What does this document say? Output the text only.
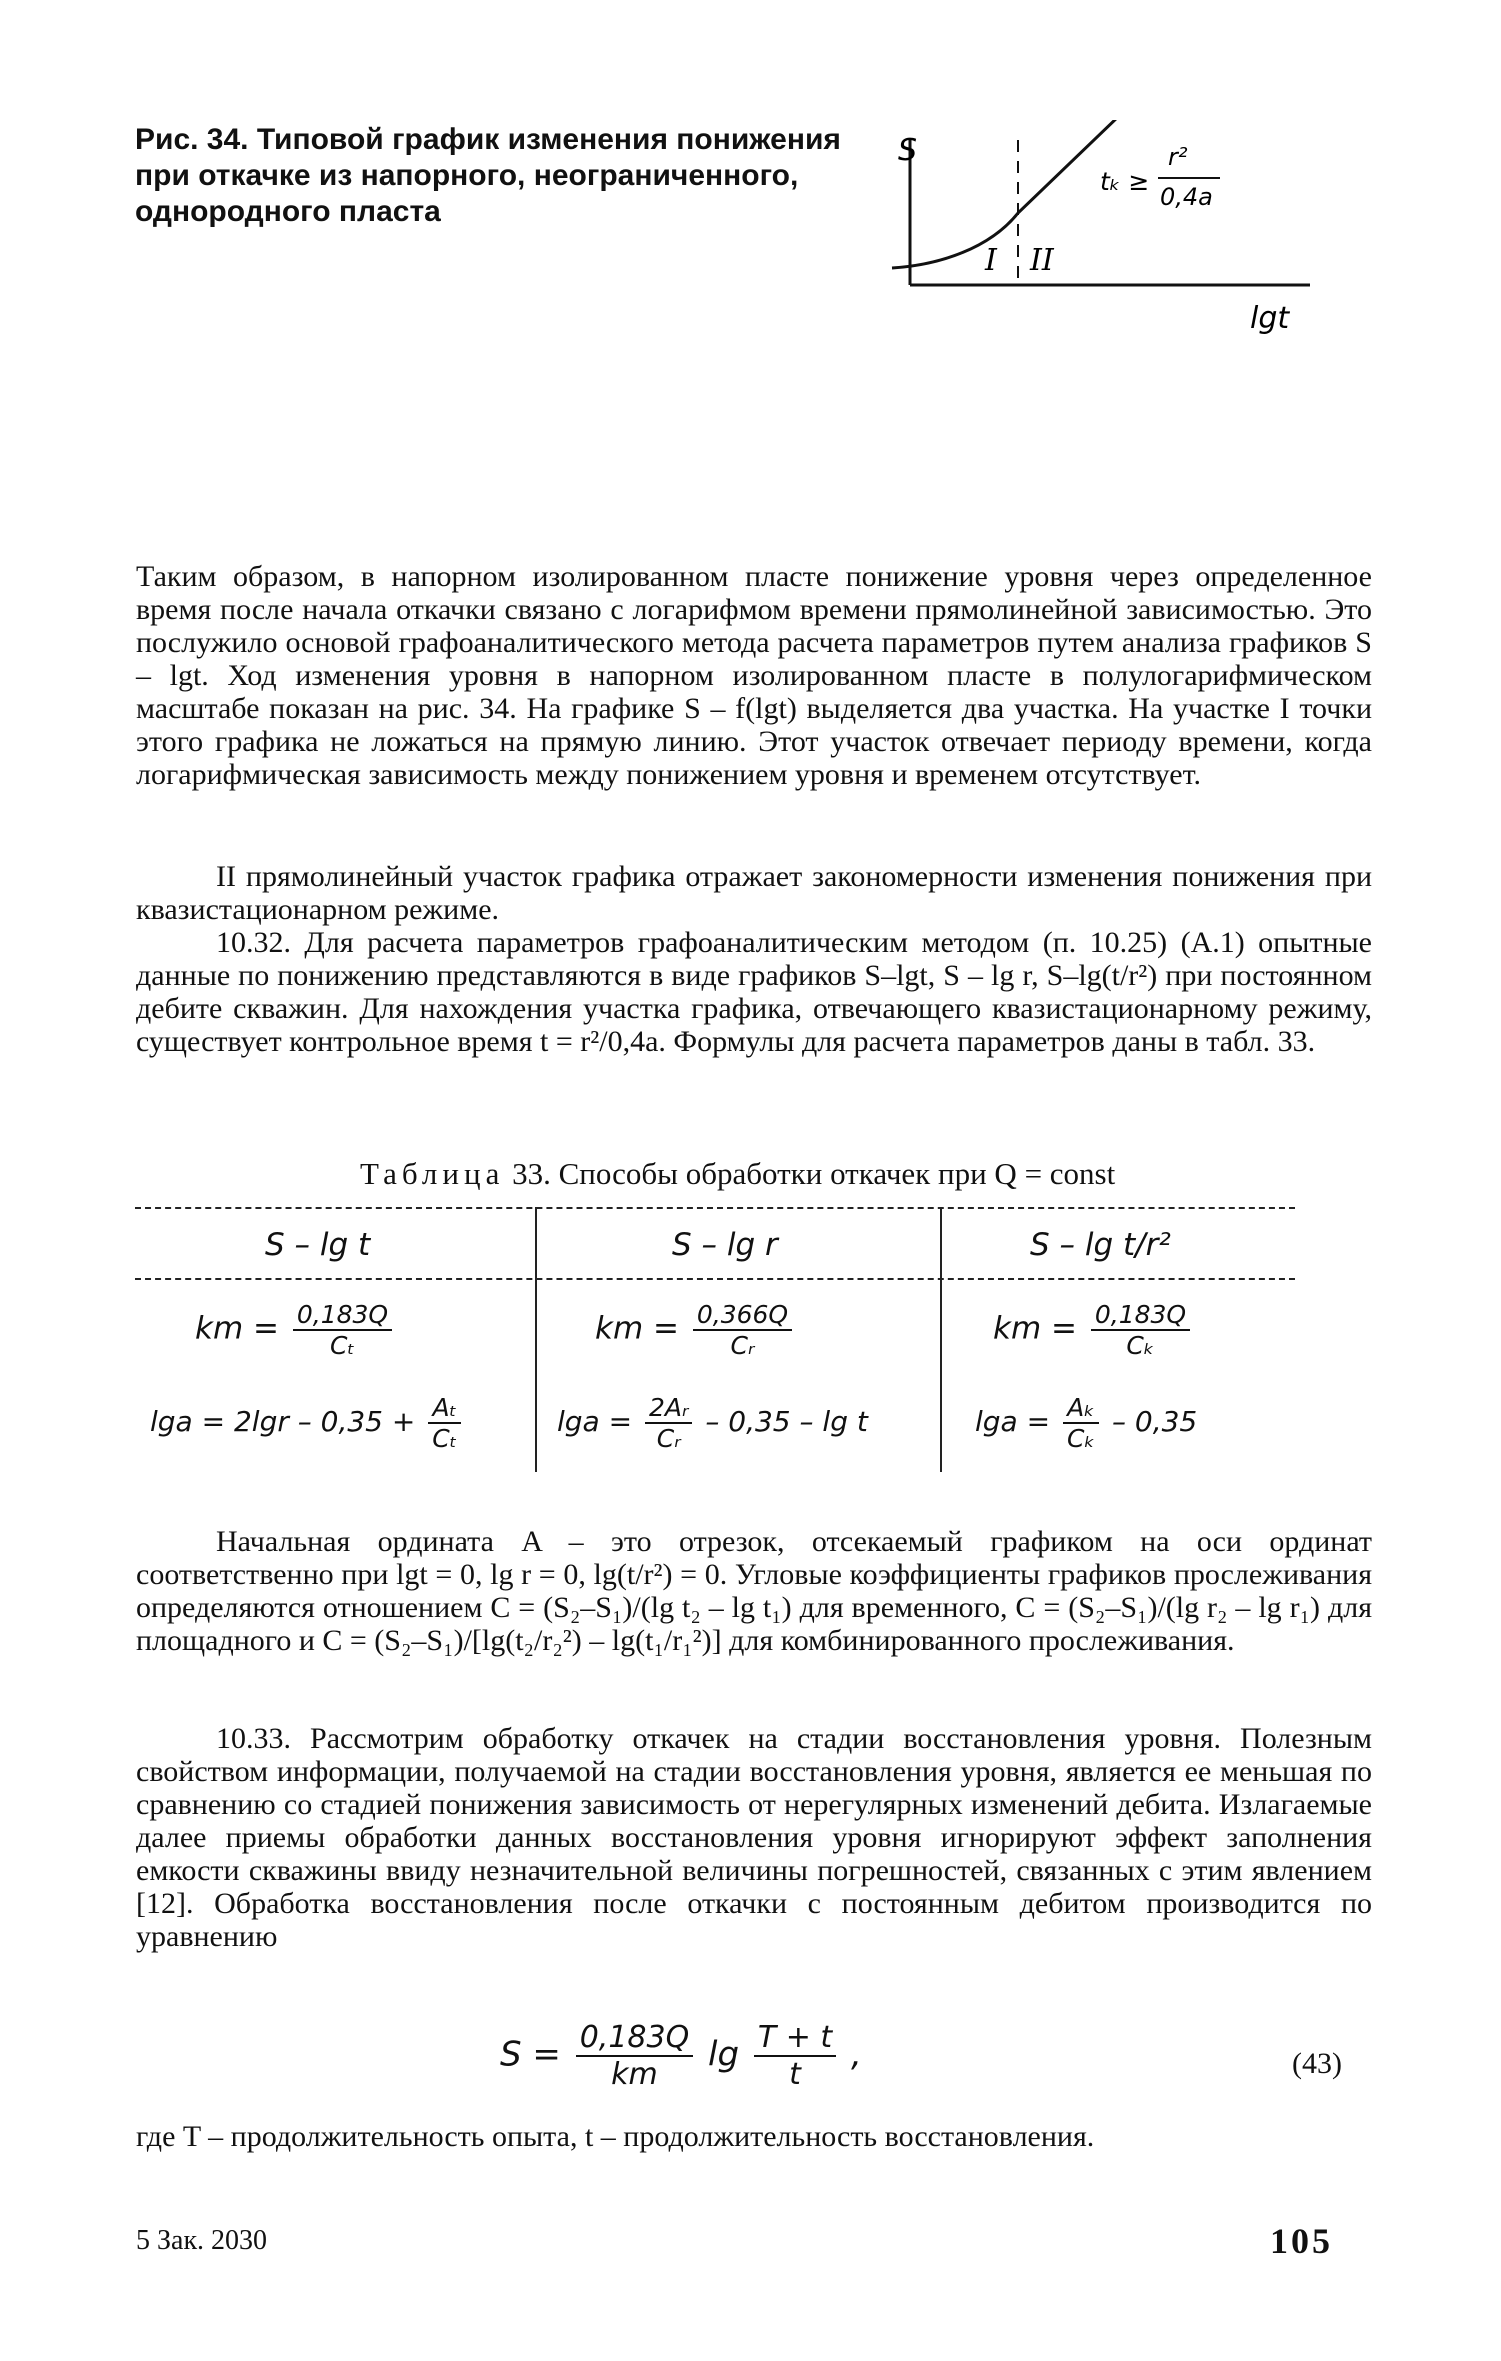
Рис. 34. Типовой график изменения понижения при откачке из напорного, неограниченного, однородного пласта
S
lgt
I II
tₖ ≥
r²
0,4a
Таким образом, в напорном изолированном пласте понижение уровня через определенное время после начала откачки связано с логарифмом времени прямолинейной зависимостью. Это послужило основой графоаналитического метода расчета параметров путем анализа графиков S – lgt. Ход изменения уровня в напорном изолированном пласте в полулогарифмическом масштабе показан на рис. 34. На графике S – f(lgt) выделяется два участка. На участке I точки этого графика не ложаться на прямую линию. Этот участок отвечает периоду времени, когда логарифмическая зависимость между понижением уровня и временем отсутствует.
II прямолинейный участок графика отражает закономерности изменения понижения при квазистационарном режиме.
10.32. Для расчета параметров графоаналитическим методом (п. 10.25) (А.1) опытные данные по понижению представляются в виде графиков S–lgt, S – lg r, S–lg(t/r²) при постоянном дебите скважин. Для нахождения участка графика, отвечающего квазистационарному режиму, существует контрольное время t = r²/0,4a. Формулы для расчета параметров даны в табл. 33.
Таблица 33. Способы обработки откачек при Q = const
S – lg t	S – lg r	S – lg t/r²
km = $\frac{0,183Q}{\text{Cₜ}}$	km = $\frac{0,366Q}{\text{Cᵣ}}$	km = $\frac{0,183Q}{\text{Cₖ}}$
$\lg a = 2\lg r - 0,35 + \frac{\text{Aₜ}}{\text{Cₜ}}$	$\lg a = \frac{\text{2Aᵣ}}{\text{Cᵣ}} - 0,35 - \lg t$	$\lg a = \frac{\text{Aₖ}}{\text{Cₖ}} - 0,35$
Начальная ордината A – это отрезок, отсекаемый графиком на оси ординат соответственно при lgt = 0, lg r = 0, lg(t/r²) = 0. Угловые коэффициенты графиков прослеживания определяются отношением C = (S₂–S₁)/(lg t₂ – lg t₁) для временного, C = (S₂–S₁)/(lg r₂ – lg r₁) для площадного и C = (S₂–S₁)/[lg(t₂/r₂²) – lg(t₁/r₁²)] для комбинированного прослеживания.
10.33. Рассмотрим обработку откачек на стадии восстановления уровня. Полезным свойством информации, получаемой на стадии восстановления уровня, является ее меньшая по сравнению со стадией понижения зависимость от нерегулярных изменений дебита. Излагаемые далее приемы обработки данных восстановления уровня игнорируют эффект заполнения емкости скважины ввиду незначительной величины погрешностей, связанных с этим явлением [12]. Обработка восстановления после откачки с постоянным дебитом производится по уравнению
$S = \frac{0,183Q}{km}$ $\lg \frac{T + t}{t}$ ,	(43)
где T – продолжительность опыта, t – продолжительность восстановления.
5 Зак. 2030	105
